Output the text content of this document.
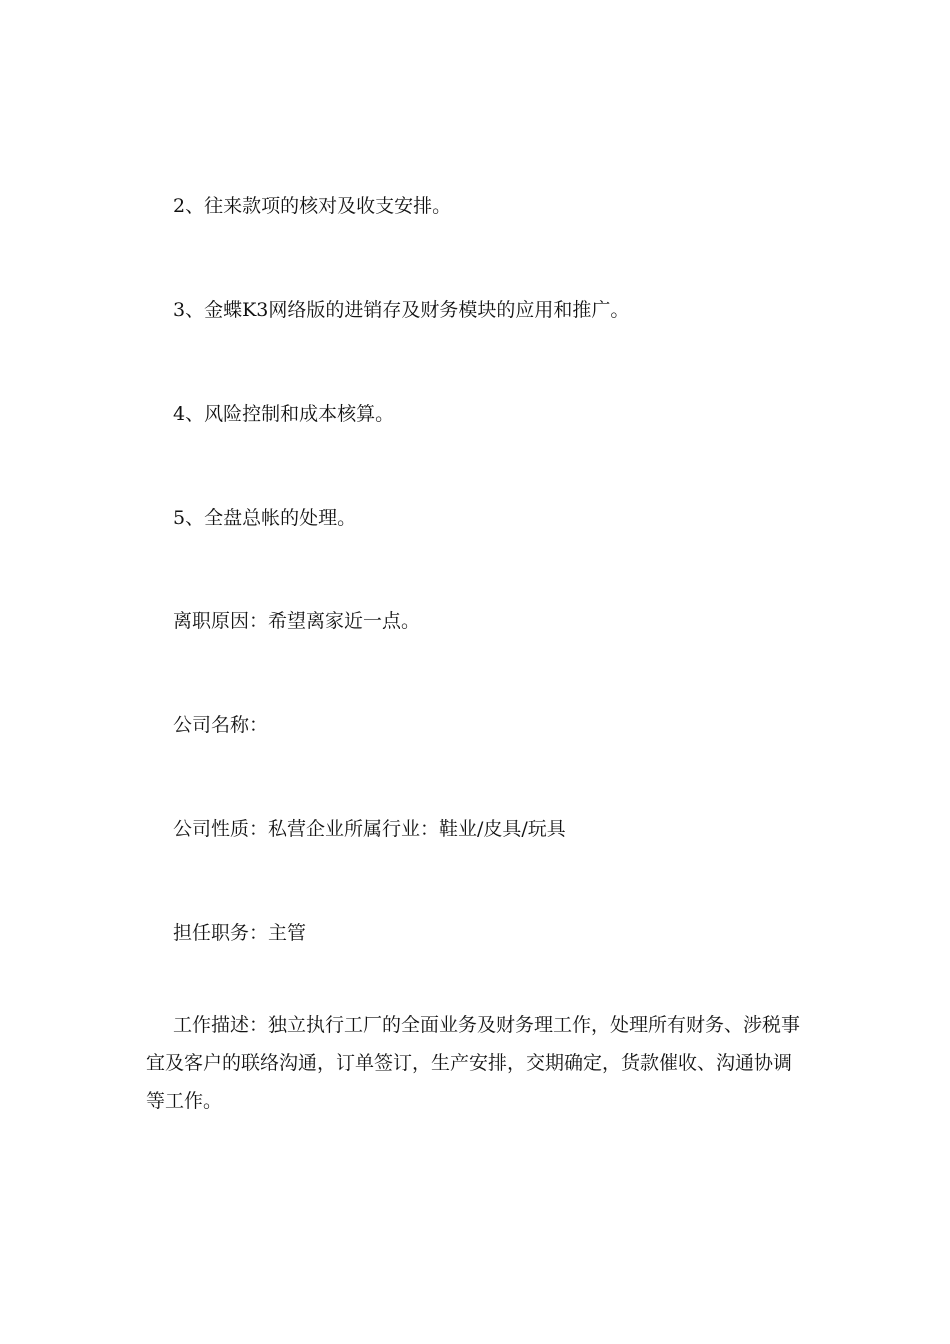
2、往来款项的核对及收支安排。

3、金蝶K3网络版的进销存及财务模块的应用和推广。

4、风险控制和成本核算。

5、全盘总帐的处理。

离职原因：希望离家近一点。

公司名称：

公司性质：私营企业所属行业：鞋业/皮具/玩具

担任职务：主管

工作描述：独立执行工厂的全面业务及财务理工作，处理所有财务、涉税事
宜及客户的联络沟通，订单签订，生产安排，交期确定，货款催收、沟通协调
等工作。
